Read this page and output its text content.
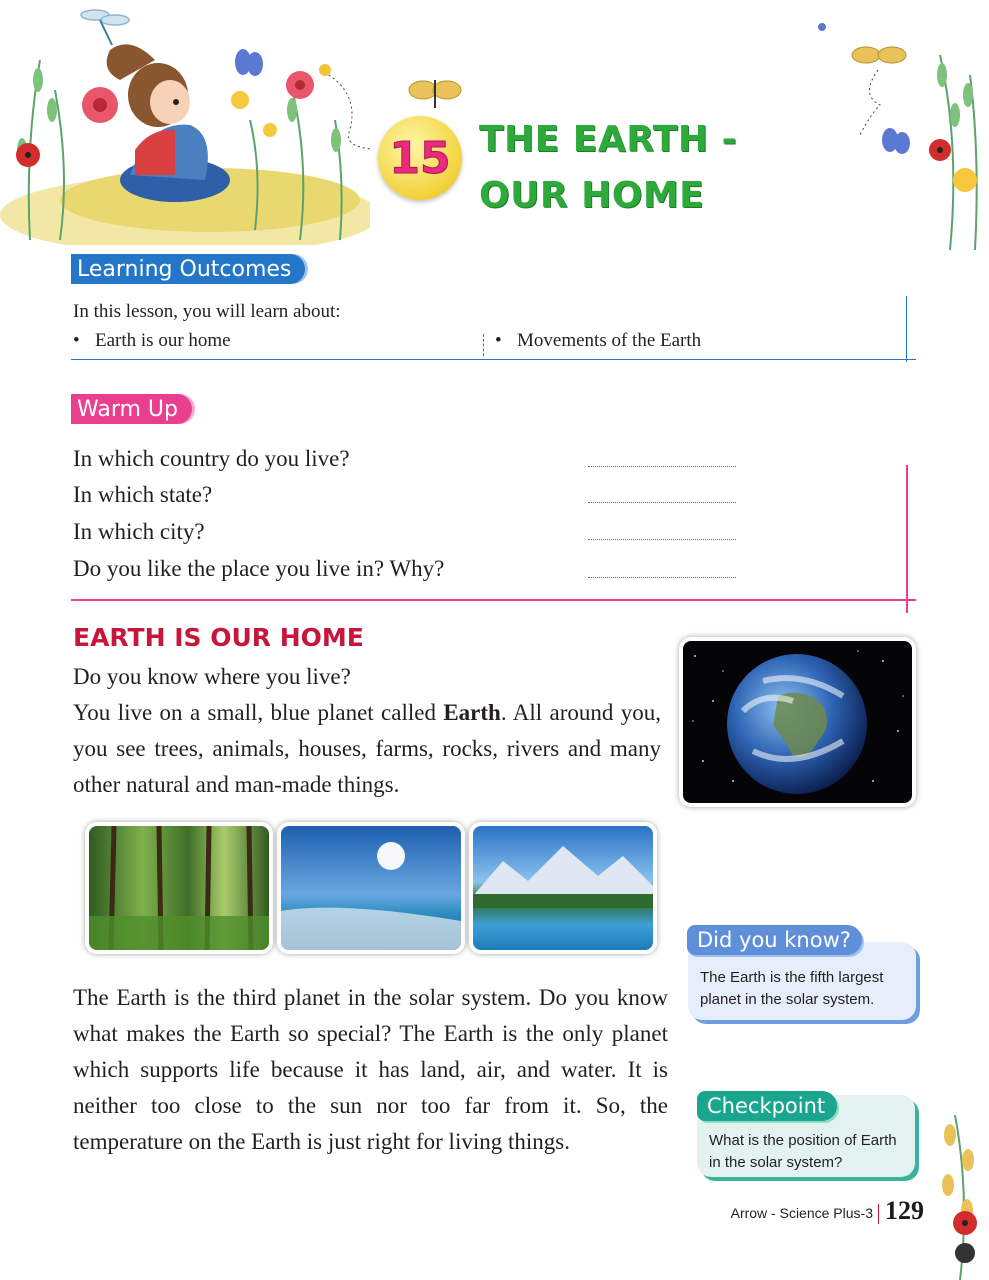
15 THE EARTH -
OUR HOME
Learning Outcomes
In this lesson, you will learn about:
• Earth is our home	• Movements of the Earth
Warm Up
In which country do you live?
In which state?
In which city?
Do you like the place you live in? Why?
EARTH IS OUR HOME
Do you know where you live?
You live on a small, blue planet called Earth. All around you, you see trees, animals, houses, farms, rocks, rivers and many other natural and man-made things.
The Earth is the third planet in the solar system. Do you know what makes the Earth so special? The Earth is the only planet which supports life because it has land, air, and water. It is neither too close to the sun nor too far from it. So, the temperature on the Earth is just right for living things.
Did you know?
The Earth is the fifth largest planet in the solar system.
Checkpoint
What is the position of Earth in the solar system?
Arrow - Science Plus-3 129
